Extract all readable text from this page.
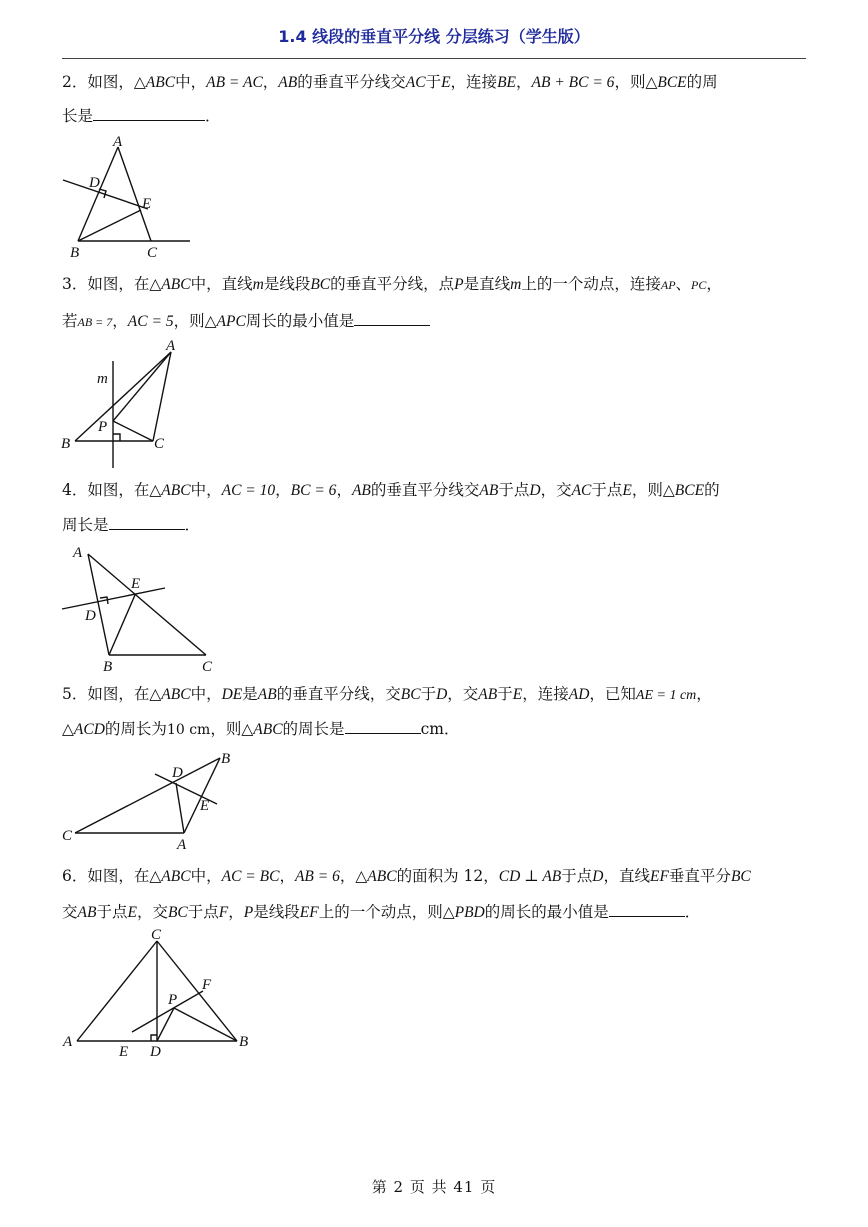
1.4 线段的垂直平分线 分层练习（学生版）
2．如图，△ABC中，AB = AC，AB的垂直平分线交AC于E，连接BE，AB + BC = 6，则△BCE的周
长是	．
A
D
E
B	C
3．如图，在△ABC中，直线m是线段BC的垂直平分线，点P是直线m上的一个动点，连接AP、PC，
若AB = 7，AC = 5，则△APC周长的最小值是
A
m
P
B	C
4．如图，在△ABC中，AC = 10，BC = 6，AB的垂直平分线交AB于点D，交AC于点E，则△BCE的
周长是	．
A
E
D
B	C
5．如图，在△ABC中，DE是AB的垂直平分线，交BC于D，交AB于E，连接AD，已知AE = 1 cm，
△ACD的周长为10 cm，则△ABC的周长是	cm．
B
D
E
C
A
6．如图，在△ABC中，AC = BC，AB = 6，△ABC的面积为 12，CD ⊥ AB于点D，直线EF垂直平分BC
交AB于点E，交BC于点F，P是线段EF上的一个动点，则△PBD的周长的最小值是	．
C
F
P
A
E D
B
第 2 页 共 41 页
